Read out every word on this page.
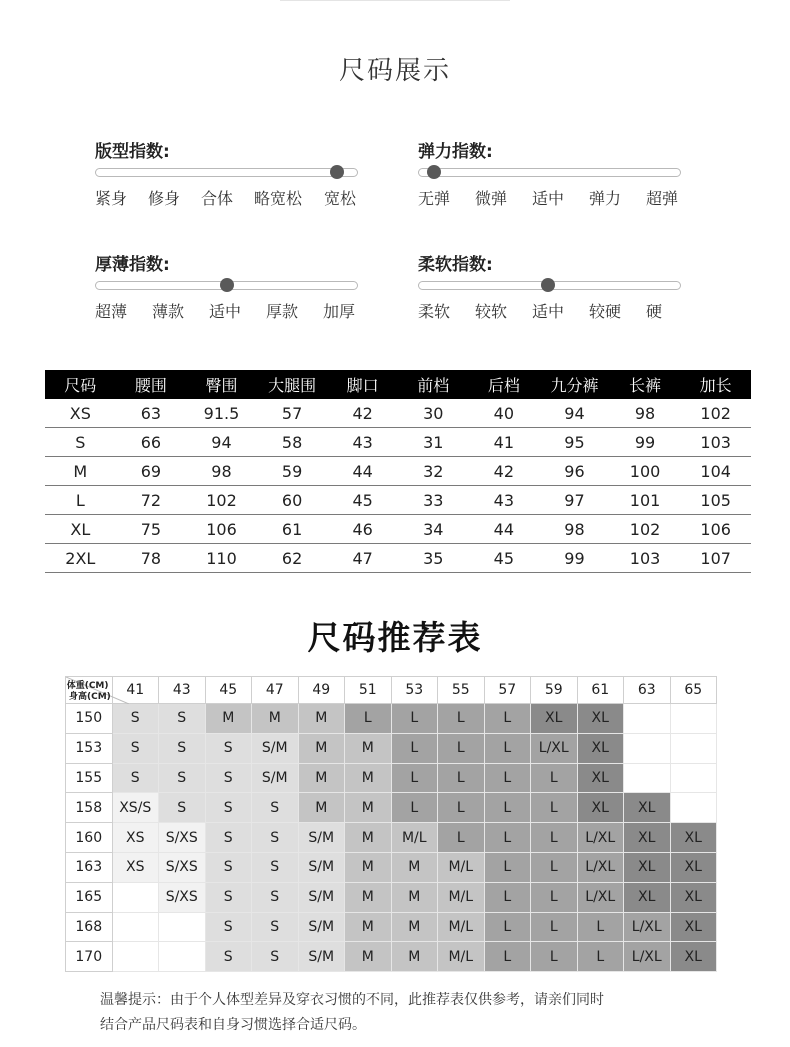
尺码展示
版型指数:
紧身 修身 合体 略宽松 宽松
弹力指数:
无弹 微弹 适中 弹力 超弹
厚薄指数:
超薄 薄款 适中 厚款 加厚
柔软指数:
柔软 较软 适中 较硬 硬
尺码	腰围	臀围	大腿围	脚口	前档	后档	九分裤	长裤	加长
XS	63	91.5	57	42	30	40	94	98	102
S	66	94	58	43	31	41	95	99	103
M	69	98	59	44	32	42	96	100	104
L	72	102	60	45	33	43	97	101	105
XL	75	106	61	46	34	44	98	102	106
2XL	78	110	62	47	35	45	99	103	107
尺码推荐表
体重(CM)
身高(CM)	41	43	45	47	49	51	53	55	57	59	61	63	65
150	S	S	M	M	M	L	L	L	L	XL	XL		
153	S	S	S	S/M	M	M	L	L	L	L/XL	XL		
155	S	S	S	S/M	M	M	L	L	L	L	XL		
158	XS/S	S	S	S	M	M	L	L	L	L	XL	XL	
160	XS	S/XS	S	S	S/M	M	M/L	L	L	L	L/XL	XL	XL
163	XS	S/XS	S	S	S/M	M	M	M/L	L	L	L/XL	XL	XL
165		S/XS	S	S	S/M	M	M	M/L	L	L	L/XL	XL	XL
168			S	S	S/M	M	M	M/L	L	L	L	L/XL	XL
170			S	S	S/M	M	M	M/L	L	L	L	L/XL	XL
温馨提示：由于个人体型差异及穿衣习惯的不同，此推荐表仅供参考，请亲们同时
结合产品尺码表和自身习惯选择合适尺码。
